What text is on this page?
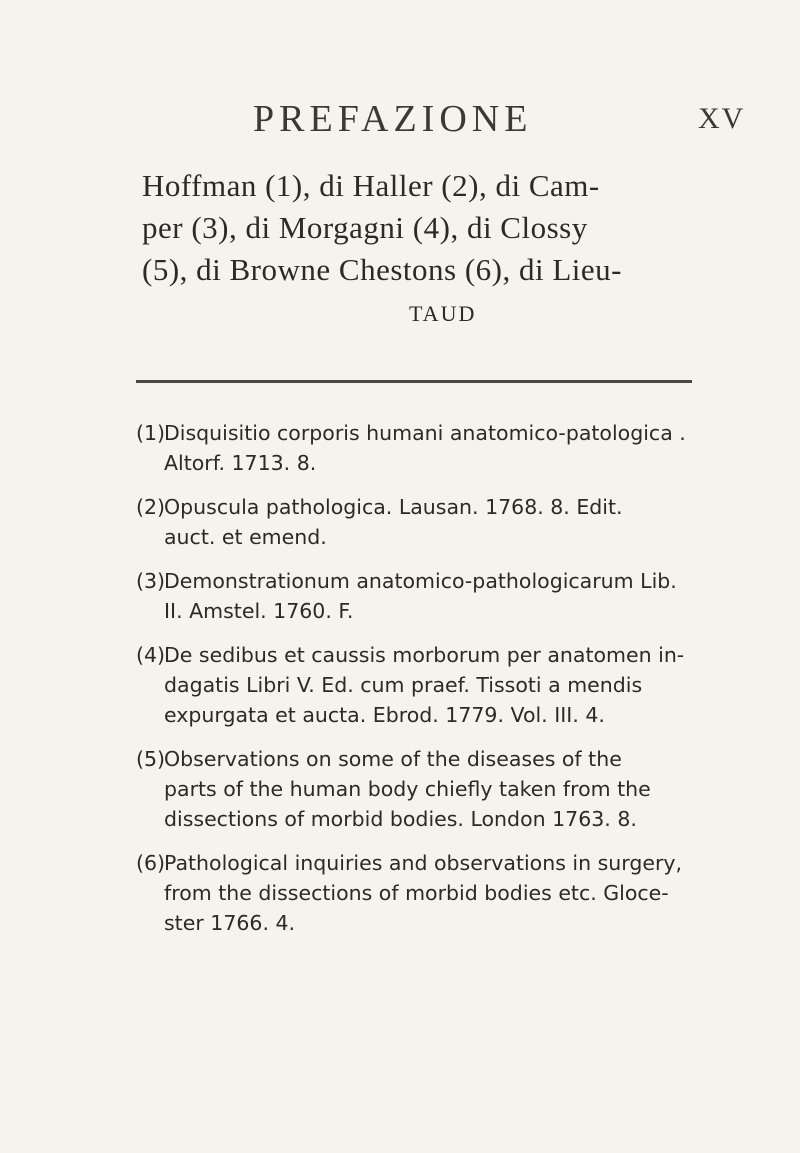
PREFAZIONE	XV
Hoffman (1), di Haller (2), di Cam-
per (3), di Morgagni (4), di Clossy
(5), di Browne Chestons (6), di Lieu-
TAUD
(1)
Disquisitio corporis humani anatomico-patologica .
Altorf. 1713. 8.
(2)
Opuscula pathologica. Lausan. 1768. 8. Edit.
auct. et emend.
(3)
Demonstrationum anatomico-pathologicarum Lib.
II. Amstel. 1760. F.
(4)
De sedibus et caussis morborum per anatomen in-
dagatis Libri V. Ed. cum praef. Tissoti a mendis
expurgata et aucta. Ebrod. 1779. Vol. III. 4.
(5)
Observations on some of the diseases of the
parts of the human body chiefly taken from the
dissections of morbid bodies. London 1763. 8.
(6)
Pathological inquiries and observations in surgery,
from the dissections of morbid bodies etc. Gloce-
ster 1766. 4.
